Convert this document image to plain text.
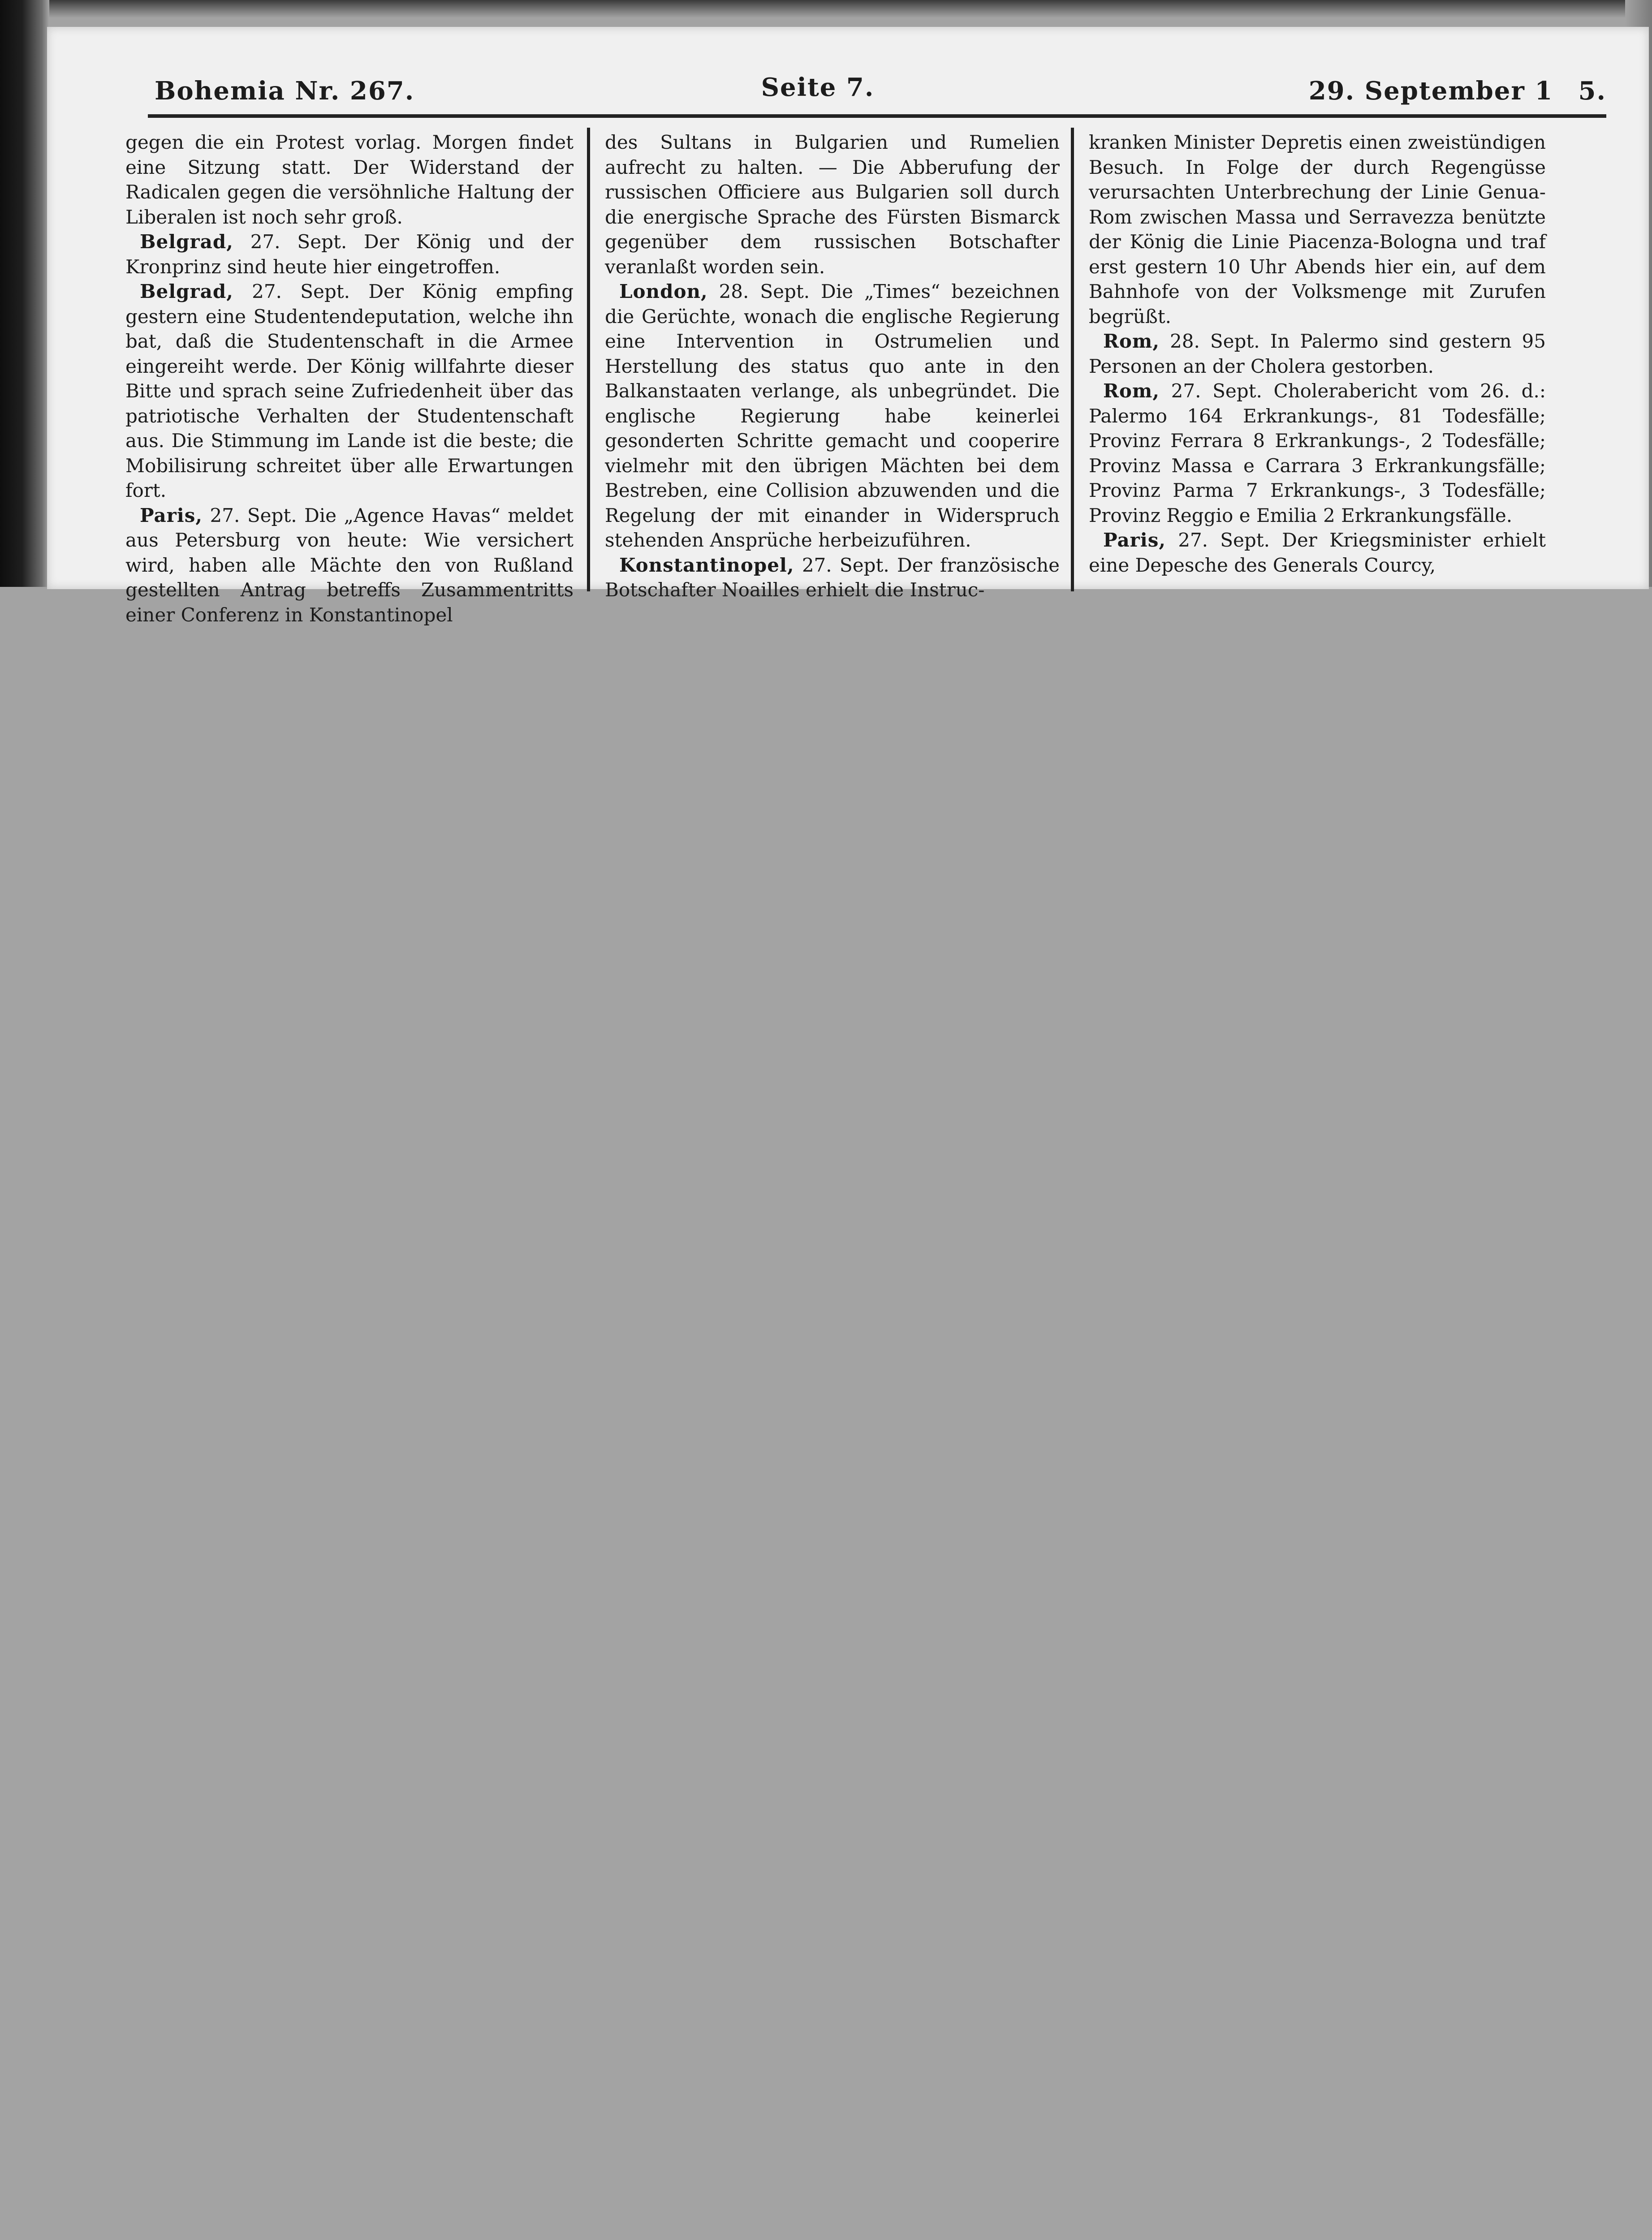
Bohemia Nr. 267.	Seite 7.	29. September 1   5.

gegen die ein Protest vorlag. Morgen findet eine Sitzung statt. Der Widerstand der Radicalen gegen die versöhnliche Haltung der Liberalen ist noch sehr groß.

Belgrad, 27. Sept. Der König und der Kronprinz sind heute hier eingetroffen.

Belgrad, 27. Sept. Der König empfing gestern eine Studentendeputation, welche ihn bat, daß die Studentenschaft in die Armee eingereiht werde. Der König willfahrte dieser Bitte und sprach seine Zufriedenheit über das patriotische Verhalten der Studentenschaft aus. Die Stimmung im Lande ist die beste; die Mobilisirung schreitet über alle Erwartungen fort.

Paris, 27. Sept. Die „Agence Havas“ meldet aus Petersburg von heute: Wie versichert wird, haben alle Mächte den von Rußland gestellten Antrag betreffs Zusammentritts einer Conferenz in Konstantinopel

des Sultans in Bulgarien und Rumelien aufrecht zu halten. — Die Abberufung der russischen Officiere aus Bulgarien soll durch die energische Sprache des Fürsten Bismarck gegenüber dem russischen Botschafter veranlaßt worden sein.

London, 28. Sept. Die „Times“ bezeichnen die Gerüchte, wonach die englische Regierung eine Intervention in Ostrumelien und Herstellung des status quo ante in den Balkanstaaten verlange, als unbegründet. Die englische Regierung habe keinerlei gesonderten Schritte gemacht und cooperire vielmehr mit den übrigen Mächten bei dem Bestreben, eine Collision abzuwenden und die Regelung der mit einander in Widerspruch stehenden Ansprüche herbeizuführen.

Konstantinopel, 27. Sept. Der französische Botschafter Noailles erhielt die Instruc-

kranken Minister Depretis einen zweistündigen Besuch. In Folge der durch Regengüsse verursachten Unterbrechung der Linie Genua-Rom zwischen Massa und Serravezza benützte der König die Linie Piacenza-Bologna und traf erst gestern 10 Uhr Abends hier ein, auf dem Bahnhofe von der Volksmenge mit Zurufen begrüßt.

Rom, 28. Sept. In Palermo sind gestern 95 Personen an der Cholera gestorben.

Rom, 27. Sept. Cholerabericht vom 26. d.: Palermo 164 Erkrankungs-, 81 Todesfälle; Provinz Ferrara 8 Erkrankungs-, 2 Todesfälle; Provinz Massa e Carrara 3 Erkrankungsfälle; Provinz Parma 7 Erkrankungs-, 3 Todesfälle; Provinz Reggio e Emilia 2 Erkrankungsfälle.

Paris, 27. Sept. Der Kriegsminister erhielt eine Depesche des Generals Courcy,
